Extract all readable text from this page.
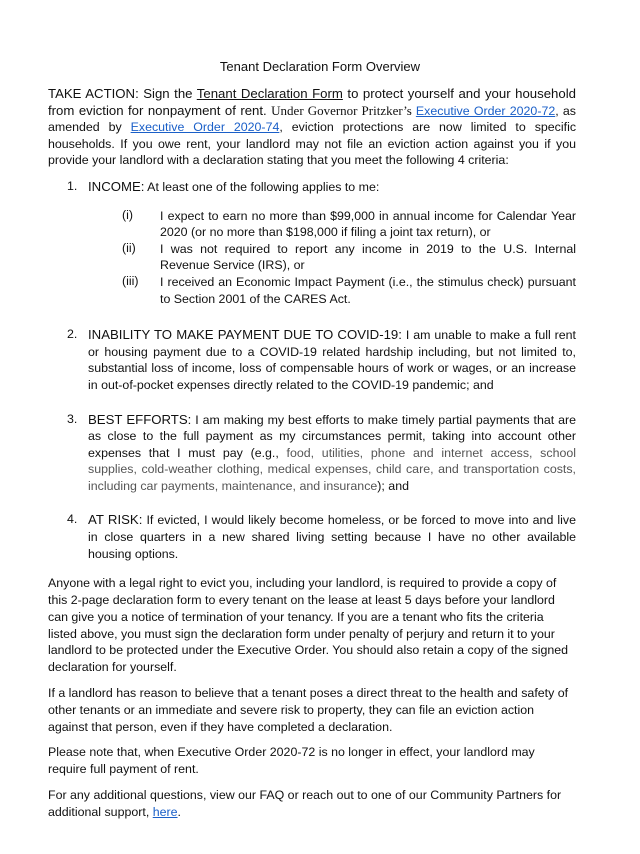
Tenant Declaration Form Overview

TAKE ACTION: Sign the Tenant Declaration Form to protect yourself and your household from eviction for nonpayment of rent. Under Governor Pritzker’s Executive Order 2020-72, as amended by Executive Order 2020-74, eviction protections are now limited to specific households. If you owe rent, your landlord may not file an eviction action against you if you provide your landlord with a declaration stating that you meet the following 4 criteria:

1. INCOME: At least one of the following applies to me:

(i) I expect to earn no more than $99,000 in annual income for Calendar Year 2020 (or no more than $198,000 if filing a joint tax return), or

(ii) I was not required to report any income in 2019 to the U.S. Internal Revenue Service (IRS), or

(iii) I received an Economic Impact Payment (i.e., the stimulus check) pursuant to Section 2001 of the CARES Act.

2. INABILITY TO MAKE PAYMENT DUE TO COVID-19: I am unable to make a full rent or housing payment due to a COVID-19 related hardship including, but not limited to, substantial loss of income, loss of compensable hours of work or wages, or an increase in out-of-pocket expenses directly related to the COVID-19 pandemic; and

3. BEST EFFORTS: I am making my best efforts to make timely partial payments that are as close to the full payment as my circumstances permit, taking into account other expenses that I must pay (e.g., food, utilities, phone and internet access, school supplies, cold-weather clothing, medical expenses, child care, and transportation costs, including car payments, maintenance, and insurance); and

4. AT RISK: If evicted, I would likely become homeless, or be forced to move into and live in close quarters in a new shared living setting because I have no other available housing options.

Anyone with a legal right to evict you, including your landlord, is required to provide a copy of this 2-page declaration form to every tenant on the lease at least 5 days before your landlord can give you a notice of termination of your tenancy. If you are a tenant who fits the criteria listed above, you must sign the declaration form under penalty of perjury and return it to your landlord to be protected under the Executive Order. You should also retain a copy of the signed declaration for yourself.

If a landlord has reason to believe that a tenant poses a direct threat to the health and safety of other tenants or an immediate and severe risk to property, they can file an eviction action against that person, even if they have completed a declaration.

Please note that, when Executive Order 2020-72 is no longer in effect, your landlord may require full payment of rent.

For any additional questions, view our FAQ or reach out to one of our Community Partners for additional support, here.
